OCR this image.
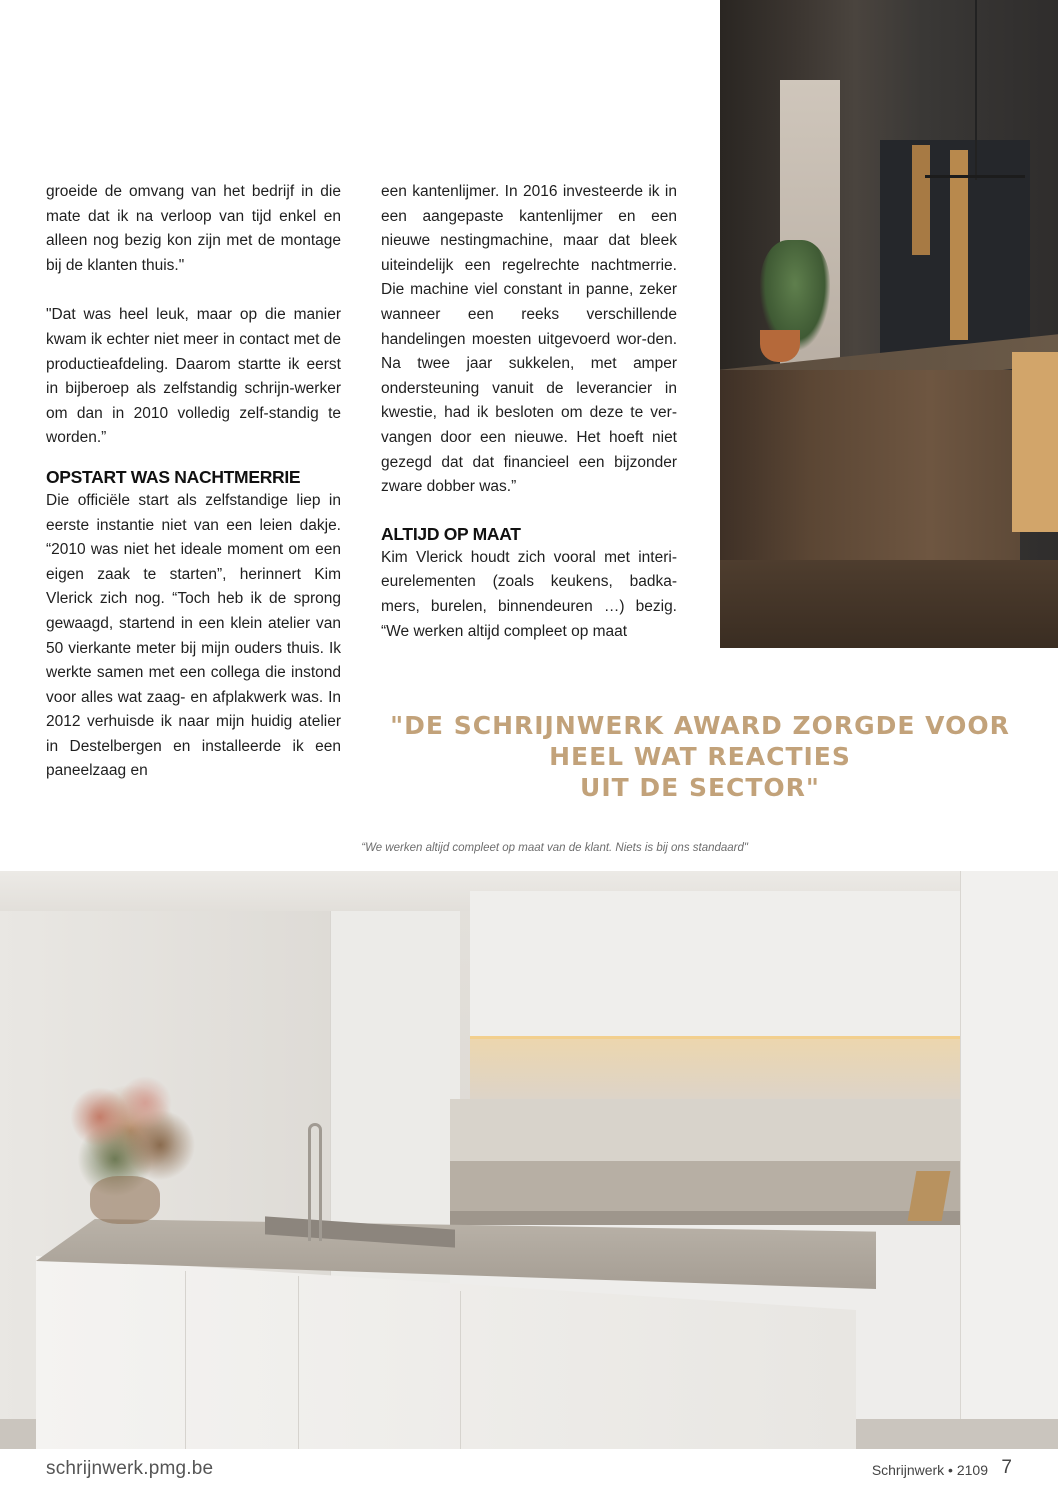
groeide de omvang van het bedrijf in die mate dat ik na verloop van tijd enkel en alleen nog bezig kon zijn met de montage bij de klanten thuis."

"Dat was heel leuk, maar op die manier kwam ik echter niet meer in contact met de productieafdeling. Daarom startte ik eerst in bijberoep als zelfstandig schrijn-werker om dan in 2010 volledig zelf-standig te worden.”

OPSTART WAS NACHTMERRIE

Die officiële start als zelfstandige liep in eerste instantie niet van een leien dakje. “2010 was niet het ideale moment om een eigen zaak te starten”, herinnert Kim Vlerick zich nog. “Toch heb ik de sprong gewaagd, startend in een klein atelier van 50 vierkante meter bij mijn ouders thuis. Ik werkte samen met een collega die instond voor alles wat zaag- en afplakwerk was. In 2012 verhuisde ik naar mijn huidig atelier in Destelbergen en installeerde ik een paneelzaag en

een kantenlijmer. In 2016 investeerde ik in een aangepaste kantenlijmer en een nieuwe nestingmachine, maar dat bleek uiteindelijk een regelrechte nachtmerrie. Die machine viel constant in panne, zeker wanneer een reeks verschillende handelingen moesten uitgevoerd wor-den. Na twee jaar sukkelen, met amper ondersteuning vanuit de leverancier in kwestie, had ik besloten om deze te ver-vangen door een nieuwe. Het hoeft niet gezegd dat dat financieel een bijzonder zware dobber was.”

ALTIJD OP MAAT

Kim Vlerick houdt zich vooral met interi-eurelementen (zoals keukens, badka-mers, burelen, binnendeuren …) bezig. “We werken altijd compleet op maat

"DE SCHRIJNWERK AWARD ZORGDE VOOR
HEEL WAT REACTIES
UIT DE SECTOR"
“We werken altijd compleet op maat van de klant. Niets is bij ons standaard"
schrijnwerk.pmg.be	Schrijnwerk • 2109 7
